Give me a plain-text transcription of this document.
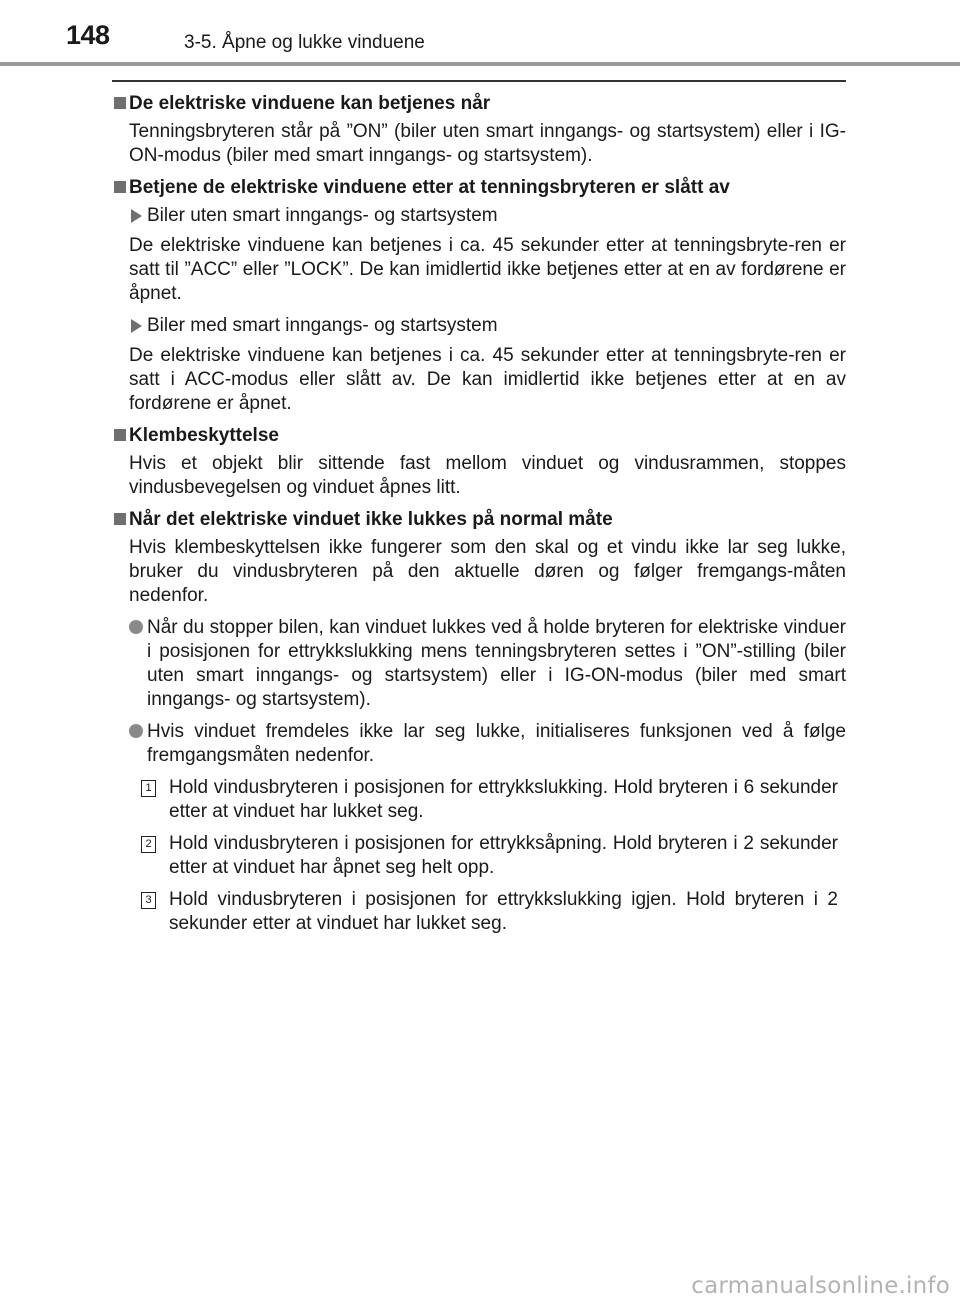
148	3-5. Åpne og lukke vinduene
De elektriske vinduene kan betjenes når
Tenningsbryteren står på ”ON” (biler uten smart inngangs- og startsystem) eller i IG-ON-modus (biler med smart inngangs- og startsystem).
Betjene de elektriske vinduene etter at tenningsbryteren er slått av
Biler uten smart inngangs- og startsystem
De elektriske vinduene kan betjenes i ca. 45 sekunder etter at tenningsbryte-ren er satt til ”ACC” eller ”LOCK”. De kan imidlertid ikke betjenes etter at en av fordørene er åpnet.
Biler med smart inngangs- og startsystem
De elektriske vinduene kan betjenes i ca. 45 sekunder etter at tenningsbryte-ren er satt i ACC-modus eller slått av. De kan imidlertid ikke betjenes etter at en av fordørene er åpnet.
Klembeskyttelse
Hvis et objekt blir sittende fast mellom vinduet og vindusrammen, stoppes vindusbevegelsen og vinduet åpnes litt.
Når det elektriske vinduet ikke lukkes på normal måte
Hvis klembeskyttelsen ikke fungerer som den skal og et vindu ikke lar seg lukke, bruker du vindusbryteren på den aktuelle døren og følger fremgangs-måten nedenfor.
Når du stopper bilen, kan vinduet lukkes ved å holde bryteren for elektriske vinduer i posisjonen for ettrykkslukking mens tenningsbryteren settes i ”ON”-stilling (biler uten smart inngangs- og startsystem) eller i IG-ON-modus (biler med smart inngangs- og startsystem).
Hvis vinduet fremdeles ikke lar seg lukke, initialiseres funksjonen ved å følge fremgangsmåten nedenfor.
1 Hold vindusbryteren i posisjonen for ettrykkslukking. Hold bryteren i 6 sekunder etter at vinduet har lukket seg.
2 Hold vindusbryteren i posisjonen for ettrykksåpning. Hold bryteren i 2 sekunder etter at vinduet har åpnet seg helt opp.
3 Hold vindusbryteren i posisjonen for ettrykkslukking igjen. Hold bryteren i 2 sekunder etter at vinduet har lukket seg.
carmanualsonline.info
